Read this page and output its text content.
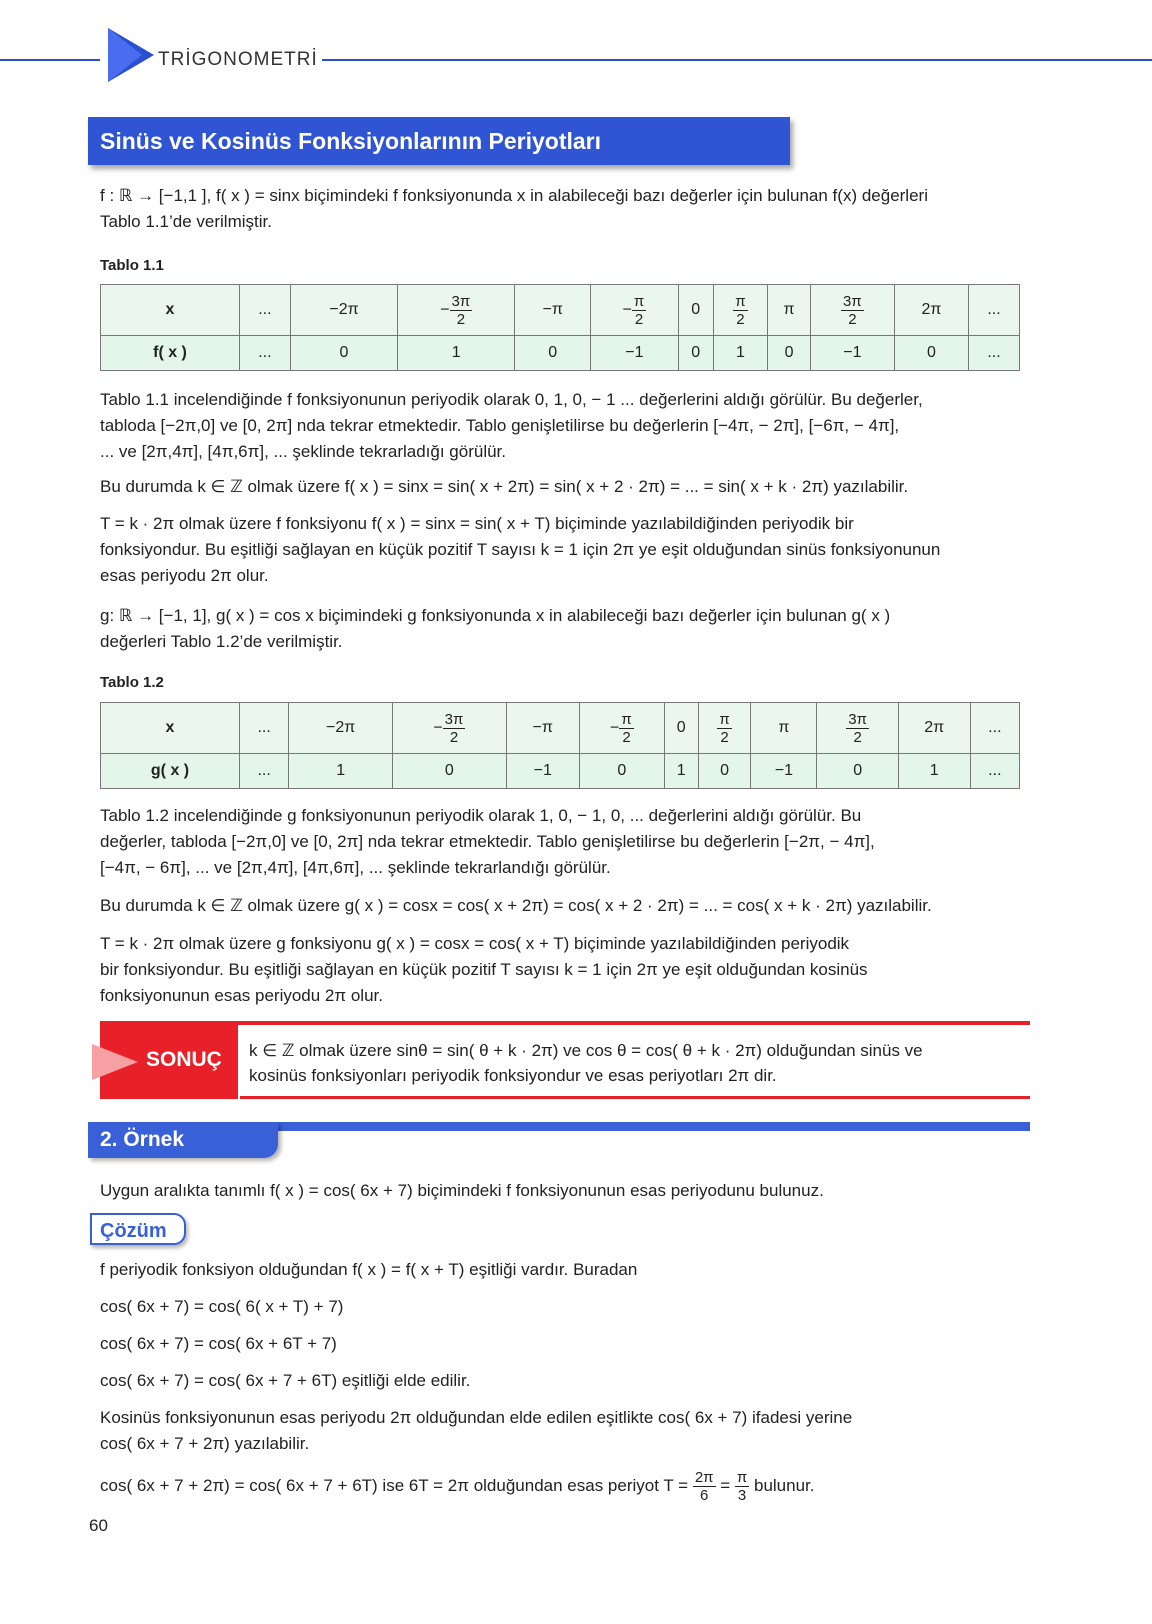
TRİGONOMETRİ
Sinüs ve Kosinüs Fonksiyonlarının Periyotları
f : ℝ → [−1,1 ], f( x ) = sinx biçimindeki f fonksiyonunda x in alabileceği bazı değerler için bulunan f(x) değerleri
Tablo 1.1’de verilmiştir.
Tablo 1.1
x	...	−2π	− $\frac{3\pi}{2}$	−π	− $\frac{\pi}{2}$	0	$\frac{\pi}{2}$	π	$\frac{3\pi}{2}$	2π	...
f( x )	...	0	1	0	−1	0	1	0	−1	0	...
Tablo 1.1 incelendiğinde f fonksiyonunun periyodik olarak 0, 1, 0, − 1 ... değerlerini aldığı görülür. Bu değerler,
tabloda [−2π,0] ve [0, 2π] nda tekrar etmektedir. Tablo genişletilirse bu değerlerin [−4π, − 2π], [−6π, − 4π],
... ve [2π,4π], [4π,6π], ... şeklinde tekrarladığı görülür.
Bu durumda k ∈ ℤ olmak üzere f( x ) = sinx = sin( x + 2π) = sin( x + 2 · 2π) = ... = sin( x + k · 2π) yazılabilir.
T = k · 2π olmak üzere f fonksiyonu f( x ) = sinx = sin( x + T) biçiminde yazılabildiğinden periyodik bir
fonksiyondur. Bu eşitliği sağlayan en küçük pozitif T sayısı k = 1 için 2π ye eşit olduğundan sinüs fonksiyonunun
esas periyodu 2π olur.
g: ℝ → [−1, 1], g( x ) = cos x biçimindeki g fonksiyonunda x in alabileceği bazı değerler için bulunan g( x )
değerleri Tablo 1.2’de verilmiştir.
Tablo 1.2
x	...	−2π	− $\frac{3\pi}{2}$	−π	− $\frac{\pi}{2}$	0	$\frac{\pi}{2}$	π	$\frac{3\pi}{2}$	2π	...
g( x )	...	1	0	−1	0	1	0	−1	0	1	...
Tablo 1.2 incelendiğinde g fonksiyonunun periyodik olarak 1, 0, − 1, 0, ... değerlerini aldığı görülür. Bu
değerler, tabloda [−2π,0] ve [0, 2π] nda tekrar etmektedir. Tablo genişletilirse bu değerlerin [−2π, − 4π],
[−4π, − 6π], ... ve [2π,4π], [4π,6π], ... şeklinde tekrarlandığı görülür.
Bu durumda k ∈ ℤ olmak üzere g( x ) = cosx = cos( x + 2π) = cos( x + 2 · 2π) = ... = cos( x + k · 2π) yazılabilir.
T = k · 2π olmak üzere g fonksiyonu g( x ) = cosx = cos( x + T) biçiminde yazılabildiğinden periyodik
bir fonksiyondur. Bu eşitliği sağlayan en küçük pozitif T sayısı k = 1 için 2π ye eşit olduğundan kosinüs
fonksiyonunun esas periyodu 2π olur.
SONUÇ k ∈ ℤ olmak üzere sinθ = sin( θ + k · 2π) ve cos θ = cos( θ + k · 2π) olduğundan sinüs ve
kosinüs fonksiyonları periyodik fonksiyondur ve esas periyotları 2π dir.
2. Örnek
Uygun aralıkta tanımlı f( x ) = cos( 6x + 7) biçimindeki f fonksiyonunun esas periyodunu bulunuz.
Çözüm
f periyodik fonksiyon olduğundan f( x ) = f( x + T) eşitliği vardır. Buradan
cos( 6x + 7) = cos( 6( x + T) + 7)
cos( 6x + 7) = cos( 6x + 6T + 7)
cos( 6x + 7) = cos( 6x + 7 + 6T) eşitliği elde edilir.
Kosinüs fonksiyonunun esas periyodu 2π olduğundan elde edilen eşitlikte cos( 6x + 7) ifadesi yerine
cos( 6x + 7 + 2π) yazılabilir.
cos( 6x + 7 + 2π) = cos( 6x + 7 + 6T) ise 6T = 2π olduğundan esas periyot $T = \frac{2\pi}{6} = \frac{\pi}{3}$ bulunur.
60
